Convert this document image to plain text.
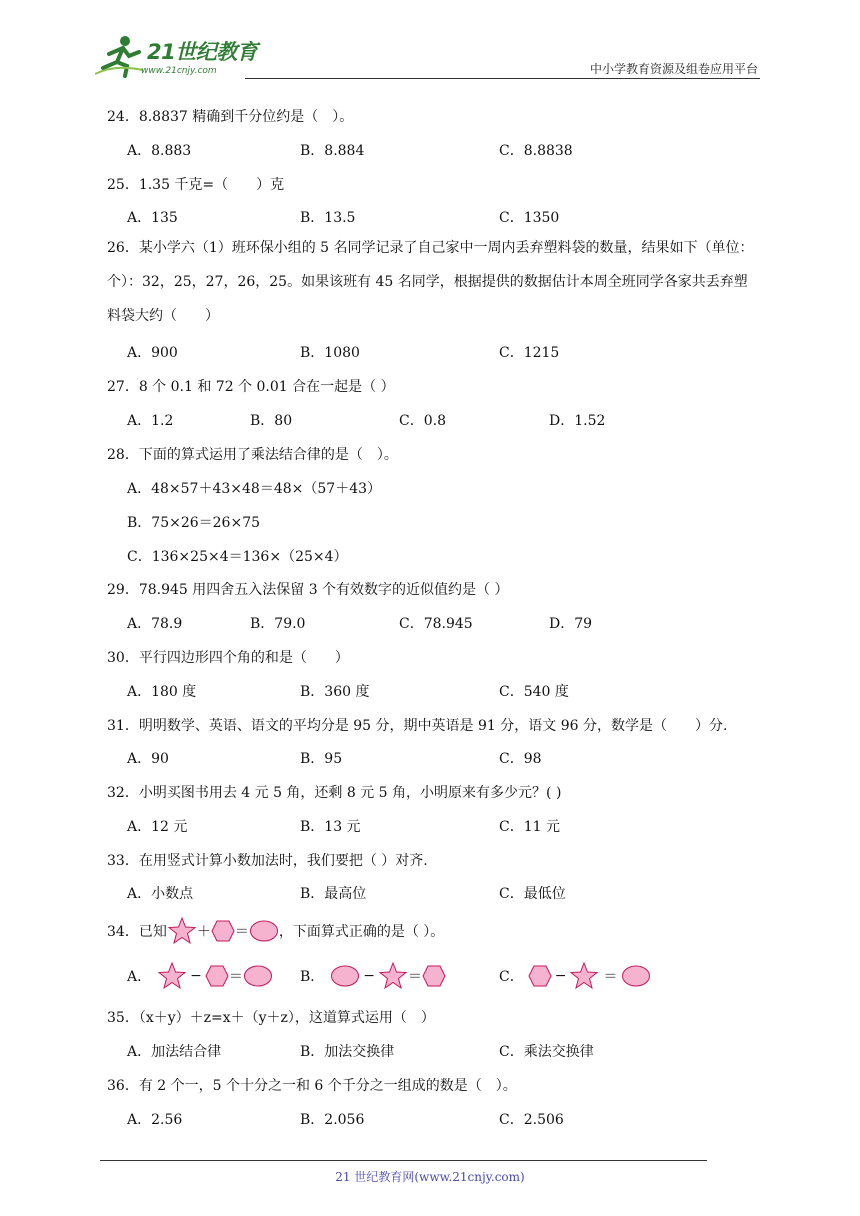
21世纪教育
www.21cnjy.com	中小学教育资源及组卷应用平台
24．8.8837 精确到千分位约是（　）。
A．8.883	B．8.884	C．8.8838
25．1.35 千克=（　　）克
A．135	B．13.5	C．1350
26．某小学六（1）班环保小组的 5 名同学记录了自己家中一周内丢弃塑料袋的数量，结果如下（单位：个）：32，25，27，26，25。如果该班有 45 名同学，根据提供的数据估计本周全班同学各家共丢弃塑料袋大约（　　）
A．900	B．1080	C．1215
27．8 个 0.1 和 72 个 0.01 合在一起是（ ）
A．1.2	B．80	C．0.8	D．1.52
28．下面的算式运用了乘法结合律的是（　）。
A．48×57＋43×48＝48×（57＋43）
B．75×26＝26×75
C．136×25×4＝136×（25×4）
29．78.945 用四舍五入法保留 3 个有效数字的近似值约是（ ）
A．78.9	B．79.0	C．78.945	D．79
30．平行四边形四个角的和是（　　）
A．180 度	B．360 度	C．540 度
31．明明数学、英语、语文的平均分是 95 分，期中英语是 91 分，语文 96 分，数学是（　　）分.
A．90	B．95	C．98
32．小明买图书用去 4 元 5 角，还剩 8 元 5 角，小明原来有多少元？( )
A．12 元	B．13 元	C．11 元
33．在用竖式计算小数加法时，我们要把（ ）对齐.
A．小数点	B．最高位	C．最低位
34．已知 ＋ ＝ ，下面算式正确的是（ ）。
A．	− ＝	B．	− ＝	C． −	＝
35．（x＋y）＋z=x＋（y＋z），这道算式运用（　）
A．加法结合律	B．加法交换律	C．乘法交换律
36．有 2 个一，5 个十分之一和 6 个千分之一组成的数是（　）。
A．2.56	B．2.056	C．2.506
21 世纪教育网(www.21cnjy.com)
